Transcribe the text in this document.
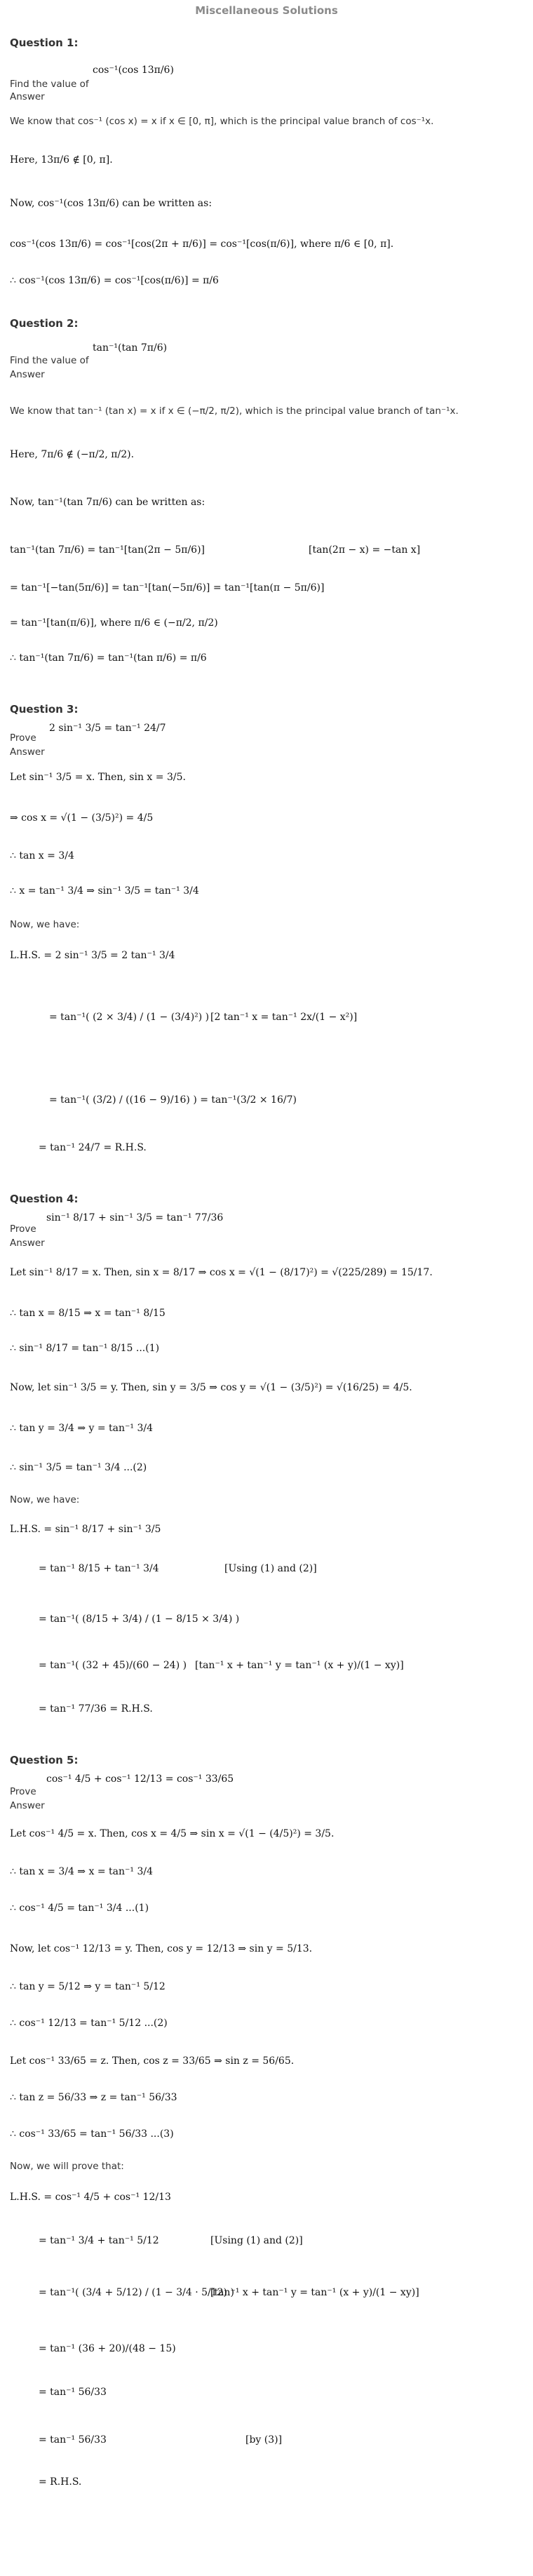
Miscellaneous Solutions
Question 1:
Find the value of
cos⁻¹(cos 13π/6)
Answer
We know that cos⁻¹ (cos x) = x if x ∈ [0, π], which is the principal value branch of cos⁻¹x.
Here, 13π/6 ∉ [0, π].
Now, cos⁻¹(cos 13π/6) can be written as:
cos⁻¹(cos 13π/6) = cos⁻¹[cos(2π + π/6)] = cos⁻¹[cos(π/6)], where π/6 ∈ [0, π].
∴ cos⁻¹(cos 13π/6) = cos⁻¹[cos(π/6)] = π/6
Question 2:
Find the value of
tan⁻¹(tan 7π/6)
Answer
We know that tan⁻¹ (tan x) = x if x ∈ (−π/2, π/2), which is the principal value branch of tan⁻¹x.
Here, 7π/6 ∉ (−π/2, π/2).
Now, tan⁻¹(tan 7π/6) can be written as:
tan⁻¹(tan 7π/6) = tan⁻¹[tan(2π − 5π/6)]	[tan(2π − x) = −tan x]
= tan⁻¹[−tan(5π/6)] = tan⁻¹[tan(−5π/6)] = tan⁻¹[tan(π − 5π/6)]
= tan⁻¹[tan(π/6)], where π/6 ∈ (−π/2, π/2)
∴ tan⁻¹(tan 7π/6) = tan⁻¹(tan π/6) = π/6
Question 3:
Prove
2 sin⁻¹ 3/5 = tan⁻¹ 24/7
Answer
Let sin⁻¹ 3/5 = x. Then, sin x = 3/5.
⇒ cos x = √(1 − (3/5)²) = 4/5
∴ tan x = 3/4
∴ x = tan⁻¹ 3/4 ⇒ sin⁻¹ 3/5 = tan⁻¹ 3/4
Now, we have:
L.H.S. = 2 sin⁻¹ 3/5 = 2 tan⁻¹ 3/4
= tan⁻¹( (2 × 3/4) / (1 − (3/4)²) ) [2 tan⁻¹ x = tan⁻¹ 2x/(1 − x²)]
= tan⁻¹( (3/2) / ((16 − 9)/16) ) = tan⁻¹(3/2 × 16/7)
= tan⁻¹ 24/7 = R.H.S.
Question 4:
Prove
sin⁻¹ 8/17 + sin⁻¹ 3/5 = tan⁻¹ 77/36
Answer
Let sin⁻¹ 8/17 = x. Then, sin x = 8/17 ⇒ cos x = √(1 − (8/17)²) = √(225/289) = 15/17.
∴ tan x = 8/15 ⇒ x = tan⁻¹ 8/15
∴ sin⁻¹ 8/17 = tan⁻¹ 8/15 ...(1)
Now, let sin⁻¹ 3/5 = y. Then, sin y = 3/5 ⇒ cos y = √(1 − (3/5)²) = √(16/25) = 4/5.
∴ tan y = 3/4 ⇒ y = tan⁻¹ 3/4
∴ sin⁻¹ 3/5 = tan⁻¹ 3/4 ...(2)
Now, we have:
L.H.S. = sin⁻¹ 8/17 + sin⁻¹ 3/5
= tan⁻¹ 8/15 + tan⁻¹ 3/4	[Using (1) and (2)]
= tan⁻¹( (8/15 + 3/4) / (1 − 8/15 × 3/4) )
= tan⁻¹( (32 + 45)/(60 − 24) ) [tan⁻¹ x + tan⁻¹ y = tan⁻¹ (x + y)/(1 − xy)]
= tan⁻¹ 77/36 = R.H.S.
Question 5:
Prove
cos⁻¹ 4/5 + cos⁻¹ 12/13 = cos⁻¹ 33/65
Answer
Let cos⁻¹ 4/5 = x. Then, cos x = 4/5 ⇒ sin x = √(1 − (4/5)²) = 3/5.
∴ tan x = 3/4 ⇒ x = tan⁻¹ 3/4
∴ cos⁻¹ 4/5 = tan⁻¹ 3/4 ...(1)
Now, let cos⁻¹ 12/13 = y. Then, cos y = 12/13 ⇒ sin y = 5/13.
∴ tan y = 5/12 ⇒ y = tan⁻¹ 5/12
∴ cos⁻¹ 12/13 = tan⁻¹ 5/12 ...(2)
Let cos⁻¹ 33/65 = z. Then, cos z = 33/65 ⇒ sin z = 56/65.
∴ tan z = 56/33 ⇒ z = tan⁻¹ 56/33
∴ cos⁻¹ 33/65 = tan⁻¹ 56/33 ...(3)
Now, we will prove that:
L.H.S. = cos⁻¹ 4/5 + cos⁻¹ 12/13
= tan⁻¹ 3/4 + tan⁻¹ 5/12	[Using (1) and (2)]
= tan⁻¹( (3/4 + 5/12) / (1 − 3/4 · 5/12) )
[tan⁻¹ x + tan⁻¹ y = tan⁻¹ (x + y)/(1 − xy)]
= tan⁻¹ (36 + 20)/(48 − 15)
= tan⁻¹ 56/33
= tan⁻¹ 56/33	[by (3)]
= R.H.S.
